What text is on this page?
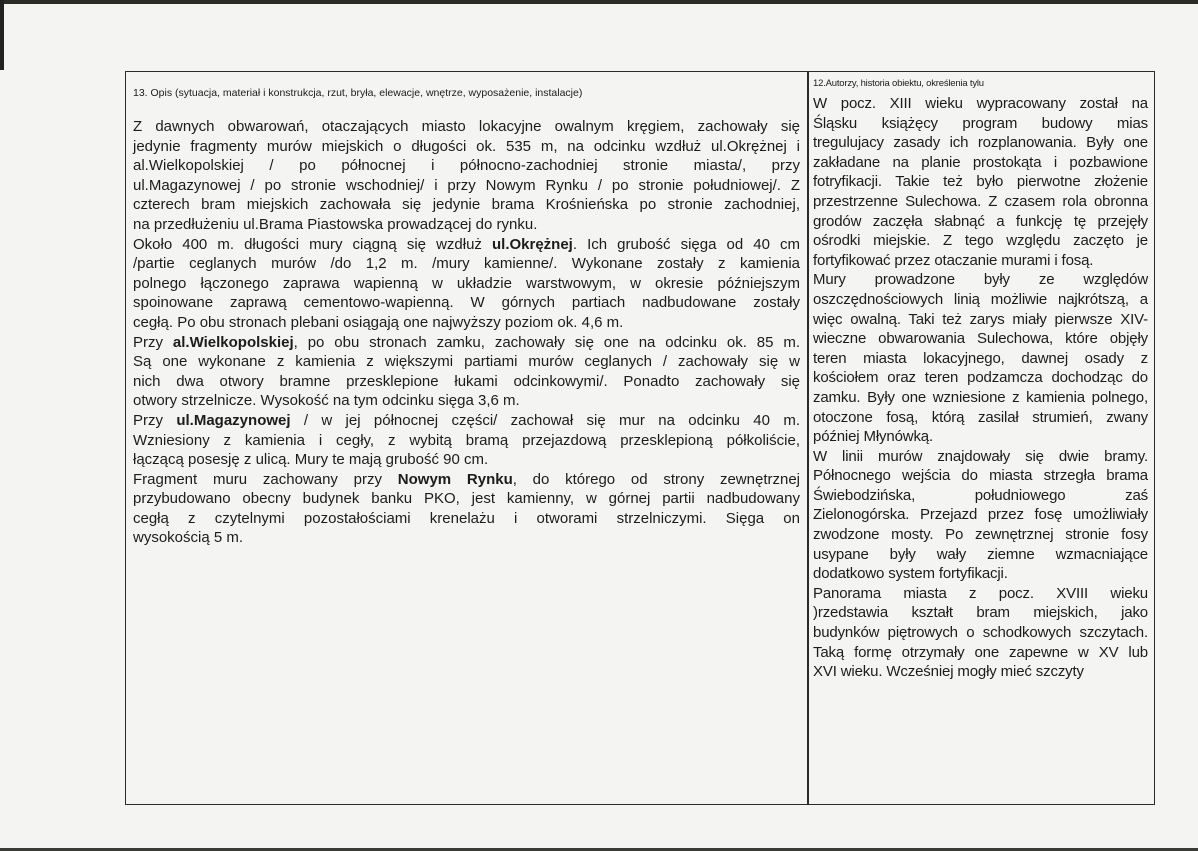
13. Opis (sytuacja, materiał i konstrukcja, rzut, bryła, elewacje, wnętrze, wyposażenie, instalacje)
12.Autorzy, historia obiektu, określenia tylu
Z dawnych obwarowań, otaczających miasto lokacyjne owalnym kręgiem, zachowały się
jedynie fragmenty murów miejskich o długości ok. 535 m, na odcinku wzdłuż ul.Okrężnej i
al.Wielkopolskiej / po północnej i północno-zachodniej stronie miasta/, przy
ul.Magazynowej / po stronie wschodniej/ i przy Nowym Rynku / po stronie południowej/. Z
czterech bram miejskich zachowała się jedynie brama Krośnieńska po stronie zachodniej,
na przedłużeniu ul.Brama Piastowska prowadzącej do rynku.
Około 400 m. długości mury ciągną się wzdłuż ul.Okrężnej. Ich grubość sięga od 40 cm
/partie ceglanych murów /do 1,2 m. /mury kamienne/. Wykonane zostały z kamienia
polnego łączonego zaprawa wapienną w układzie warstwowym, w okresie późniejszym
spoinowane zaprawą cementowo-wapienną. W górnych partiach nadbudowane zostały
cegłą. Po obu stronach plebani osiągają one najwyższy poziom ok. 4,6 m.
Przy al.Wielkopolskiej, po obu stronach zamku, zachowały się one na odcinku ok. 85 m.
Są one wykonane z kamienia z większymi partiami murów ceglanych / zachowały się w
nich dwa otwory bramne przesklepione łukami odcinkowymi/. Ponadto zachowały się
otwory strzelnicze. Wysokość na tym odcinku sięga 3,6 m.
Przy ul.Magazynowej / w jej północnej części/ zachował się mur na odcinku 40 m.
Wzniesiony z kamienia i cegły, z wybitą bramą przejazdową przesklepioną półkoliście,
łączącą posesję z ulicą. Mury te mają grubość 90 cm.
Fragment muru zachowany przy Nowym Rynku, do którego od strony zewnętrznej
przybudowano obecny budynek banku PKO, jest kamienny, w górnej partii nadbudowany
cegłą z czytelnymi pozostałościami krenelażu i otworami strzelniczymi. Sięga on
wysokością 5 m.
W pocz. XIII wieku wypracowany został na
Śląsku książęcy program budowy mias
tregulujacy zasady ich rozplanowania. Były one
zakładane na planie prostokąta i pozbawione
fotryfikacji. Takie też było pierwotne złożenie
przestrzenne Sulechowa. Z czasem rola obronna
grodów zaczęła słabnąć a funkcję tę przejęły
ośrodki miejskie. Z tego względu zaczęto je
fortyfikować przez otaczanie murami i fosą.
Mury prowadzone były ze względów
oszczędnościowych linią możliwie najkrótszą, a
więc owalną. Taki też zarys miały pierwsze XIV-
wieczne obwarowania Sulechowa, które objęły
teren miasta lokacyjnego, dawnej osady z
kościołem oraz teren podzamcza dochodząc do
zamku. Były one wzniesione z kamienia polnego,
otoczone fosą, którą zasilał strumień, zwany
później Młynówką.
W linii murów znajdowały się dwie bramy.
Północnego wejścia do miasta strzegła brama
Świebodzińska, południowego zaś
Zielonogórska. Przejazd przez fosę umożliwiały
zwodzone mosty. Po zewnętrznej stronie fosy
usypane były wały ziemne wzmacniające
dodatkowo system fortyfikacji.
Panorama miasta z pocz. XVIII wieku
)rzedstawia kształt bram miejskich, jako
budynków piętrowych o schodkowych szczytach.
Taką formę otrzymały one zapewne w XV lub
XVI wieku. Wcześniej mogły mieć szczyty
